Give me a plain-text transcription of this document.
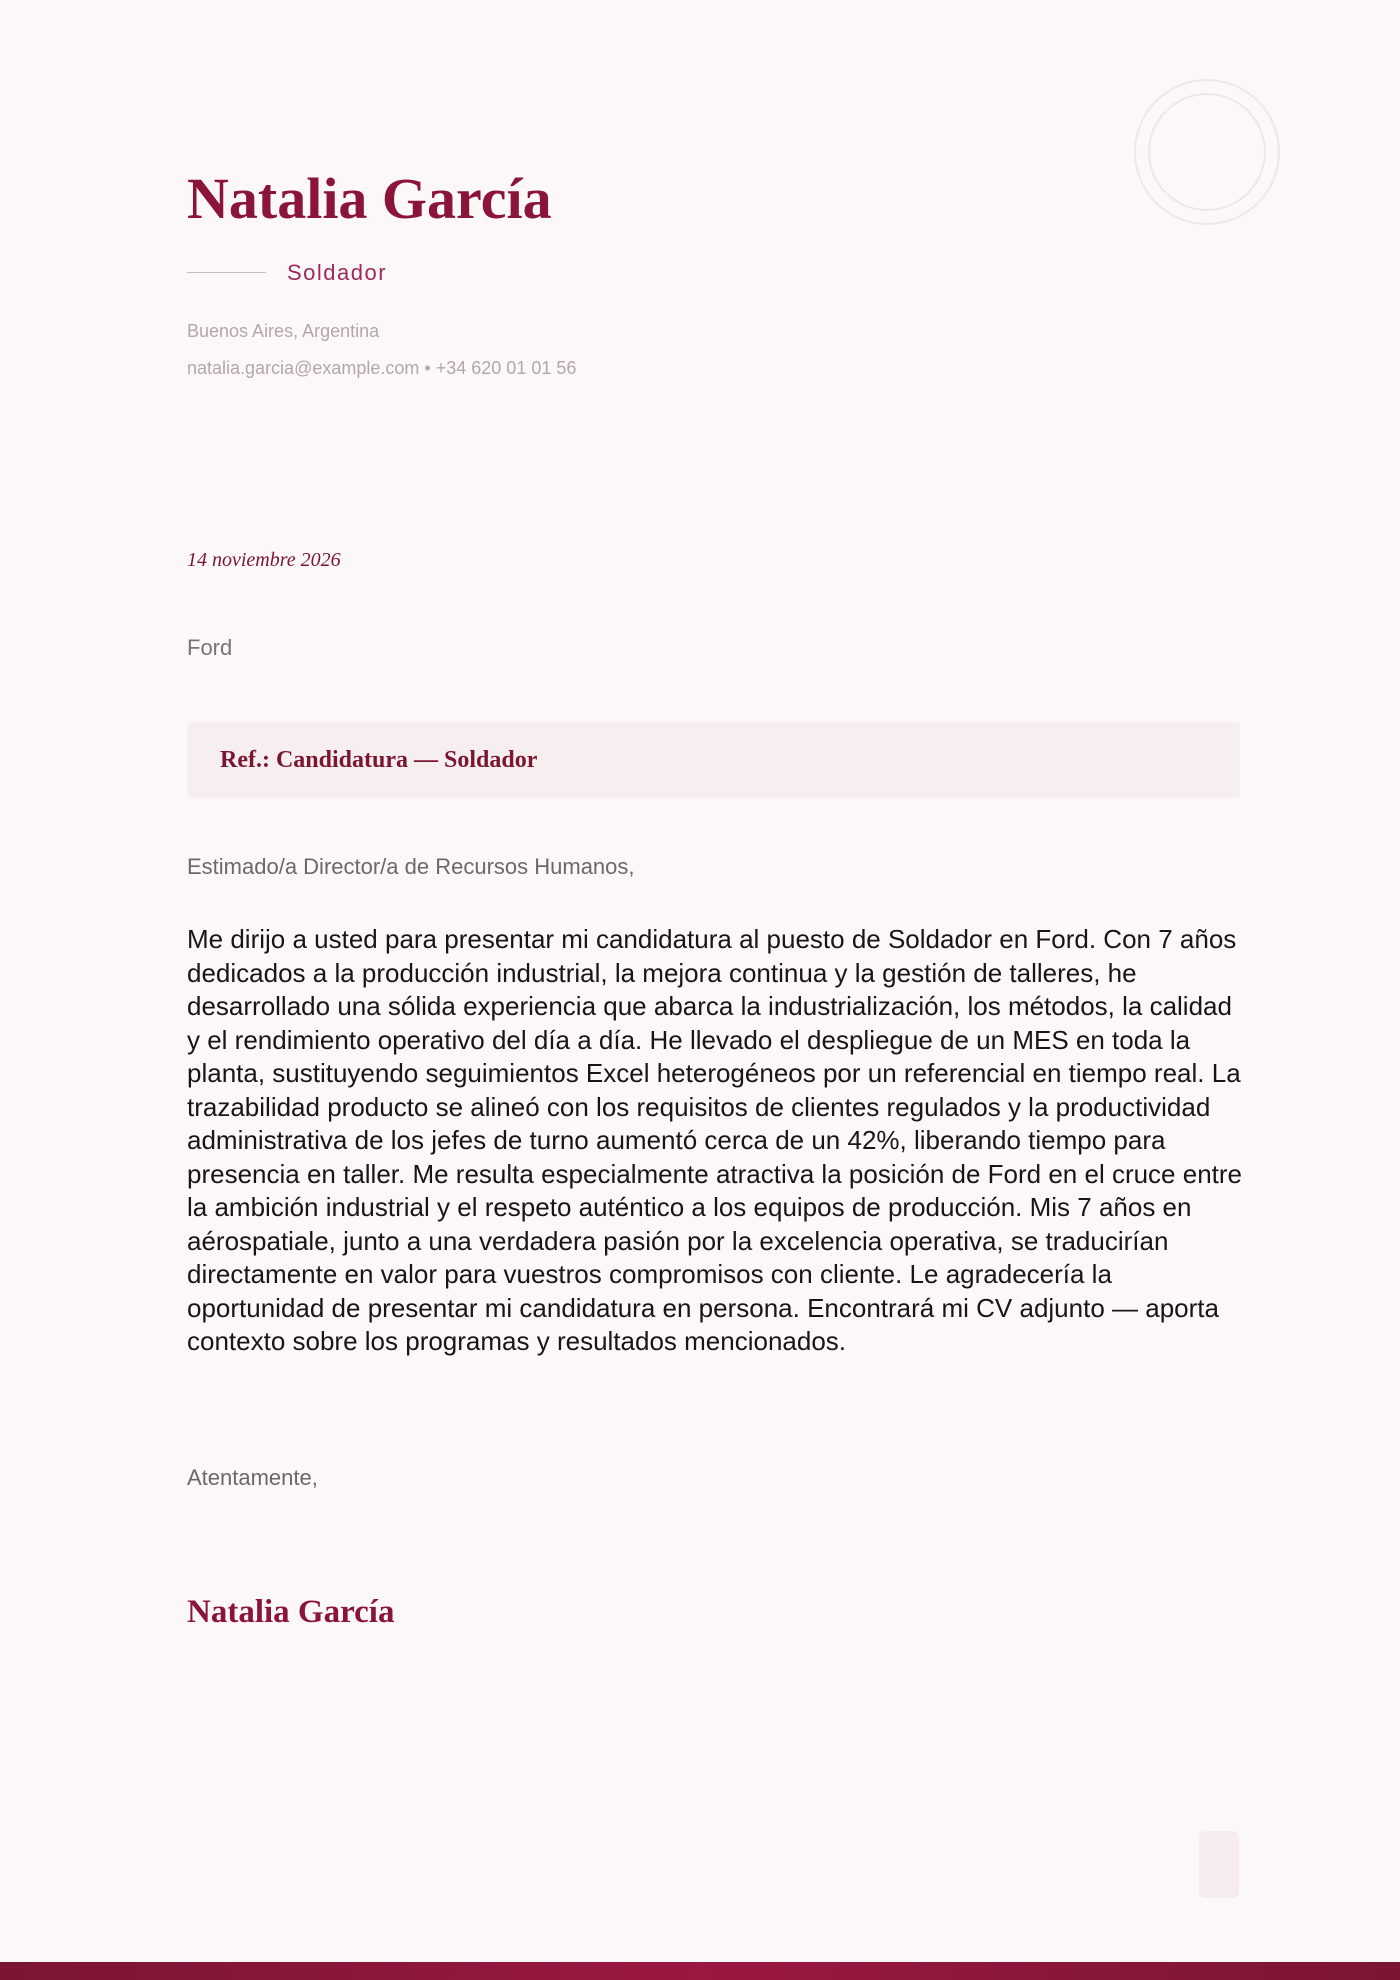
Natalia García
Soldador
Buenos Aires, Argentina
natalia.garcia@example.com • +34 620 01 01 56
14 noviembre 2026
Ford
Ref.: Candidatura — Soldador
Estimado/a Director/a de Recursos Humanos,

Me dirijo a usted para presentar mi candidatura al puesto de Soldador en Ford. Con 7 años dedicados a la producción industrial, la mejora continua y la gestión de talleres, he desarrollado una sólida experiencia que abarca la industrialización, los métodos, la calidad y el rendimiento operativo del día a día. He llevado el despliegue de un MES en toda la planta, sustituyendo seguimientos Excel heterogéneos por un referencial en tiempo real. La trazabilidad producto se alineó con los requisitos de clientes regulados y la productividad administrativa de los jefes de turno aumentó cerca de un 42%, liberando tiempo para presencia en taller. Me resulta especialmente atractiva la posición de Ford en el cruce entre la ambición industrial y el respeto auténtico a los equipos de producción. Mis 7 años en aérospatiale, junto a una verdadera pasión por la excelencia operativa, se traducirían directamente en valor para vuestros compromisos con cliente. Le agradecería la oportunidad de presentar mi candidatura en persona. Encontrará mi CV adjunto — aporta contexto sobre los programas y resultados mencionados.

Atentamente,
Natalia García
